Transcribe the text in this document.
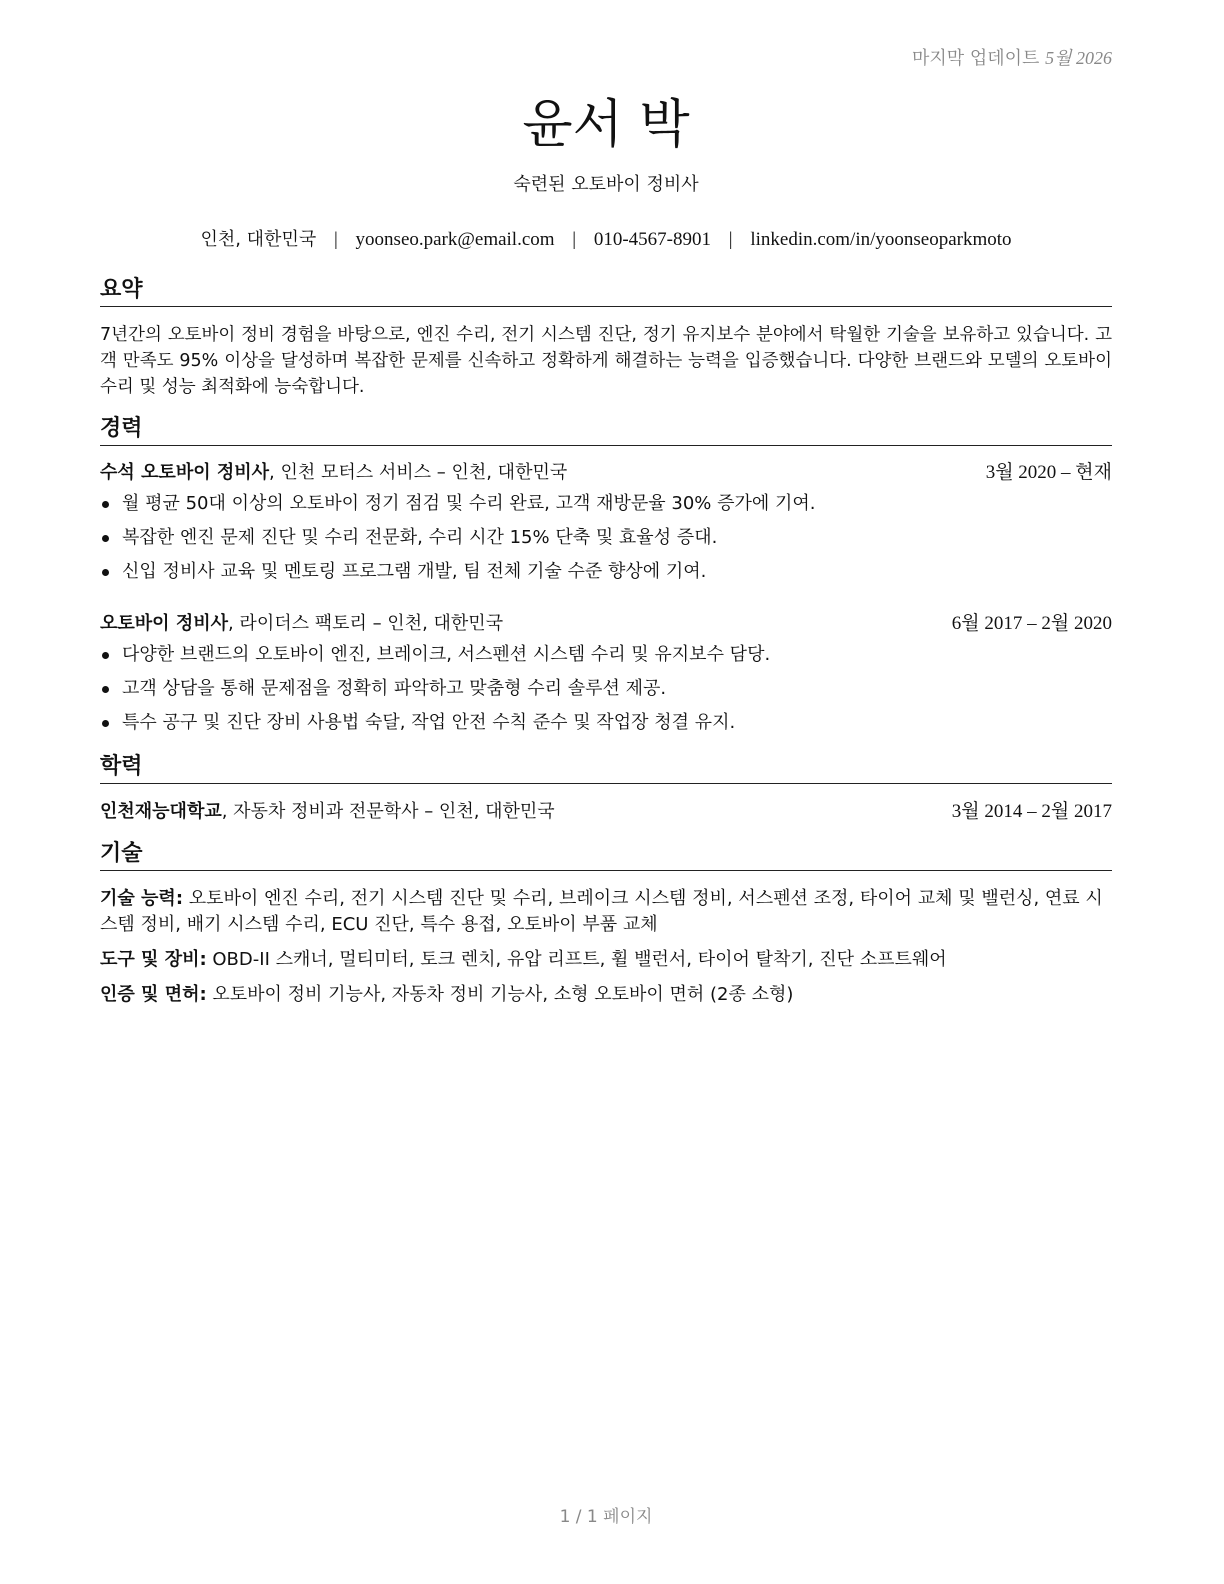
마지막 업데이트 5월 2026
윤서 박
숙련된 오토바이 정비사
인천, 대한민국 | yoonseo.park@email.com | 010-4567-8901 | linkedin.com/in/yoonseoparkmoto
요약
7년간의 오토바이 정비 경험을 바탕으로, 엔진 수리, 전기 시스템 진단, 정기 유지보수 분야에서 탁월한 기술을 보유하고 있습니다. 고객 만족도 95% 이상을 달성하며 복잡한 문제를 신속하고 정확하게 해결하는 능력을 입증했습니다. 다양한 브랜드와 모델의 오토바이 수리 및 성능 최적화에 능숙합니다.
경력
수석 오토바이 정비사, 인천 모터스 서비스 – 인천, 대한민국	3월 2020 – 현재
월 평균 50대 이상의 오토바이 정기 점검 및 수리 완료, 고객 재방문율 30% 증가에 기여.
복잡한 엔진 문제 진단 및 수리 전문화, 수리 시간 15% 단축 및 효율성 증대.
신입 정비사 교육 및 멘토링 프로그램 개발, 팀 전체 기술 수준 향상에 기여.
오토바이 정비사, 라이더스 팩토리 – 인천, 대한민국	6월 2017 – 2월 2020
다양한 브랜드의 오토바이 엔진, 브레이크, 서스펜션 시스템 수리 및 유지보수 담당.
고객 상담을 통해 문제점을 정확히 파악하고 맞춤형 수리 솔루션 제공.
특수 공구 및 진단 장비 사용법 숙달, 작업 안전 수칙 준수 및 작업장 청결 유지.
학력
인천재능대학교, 자동차 정비과 전문학사 – 인천, 대한민국	3월 2014 – 2월 2017
기술
기술 능력: 오토바이 엔진 수리, 전기 시스템 진단 및 수리, 브레이크 시스템 정비, 서스펜션 조정, 타이어 교체 및 밸런싱, 연료 시스템 정비, 배기 시스템 수리, ECU 진단, 특수 용접, 오토바이 부품 교체
도구 및 장비: OBD-II 스캐너, 멀티미터, 토크 렌치, 유압 리프트, 휠 밸런서, 타이어 탈착기, 진단 소프트웨어
인증 및 면허: 오토바이 정비 기능사, 자동차 정비 기능사, 소형 오토바이 면허 (2종 소형)
1 / 1 페이지
